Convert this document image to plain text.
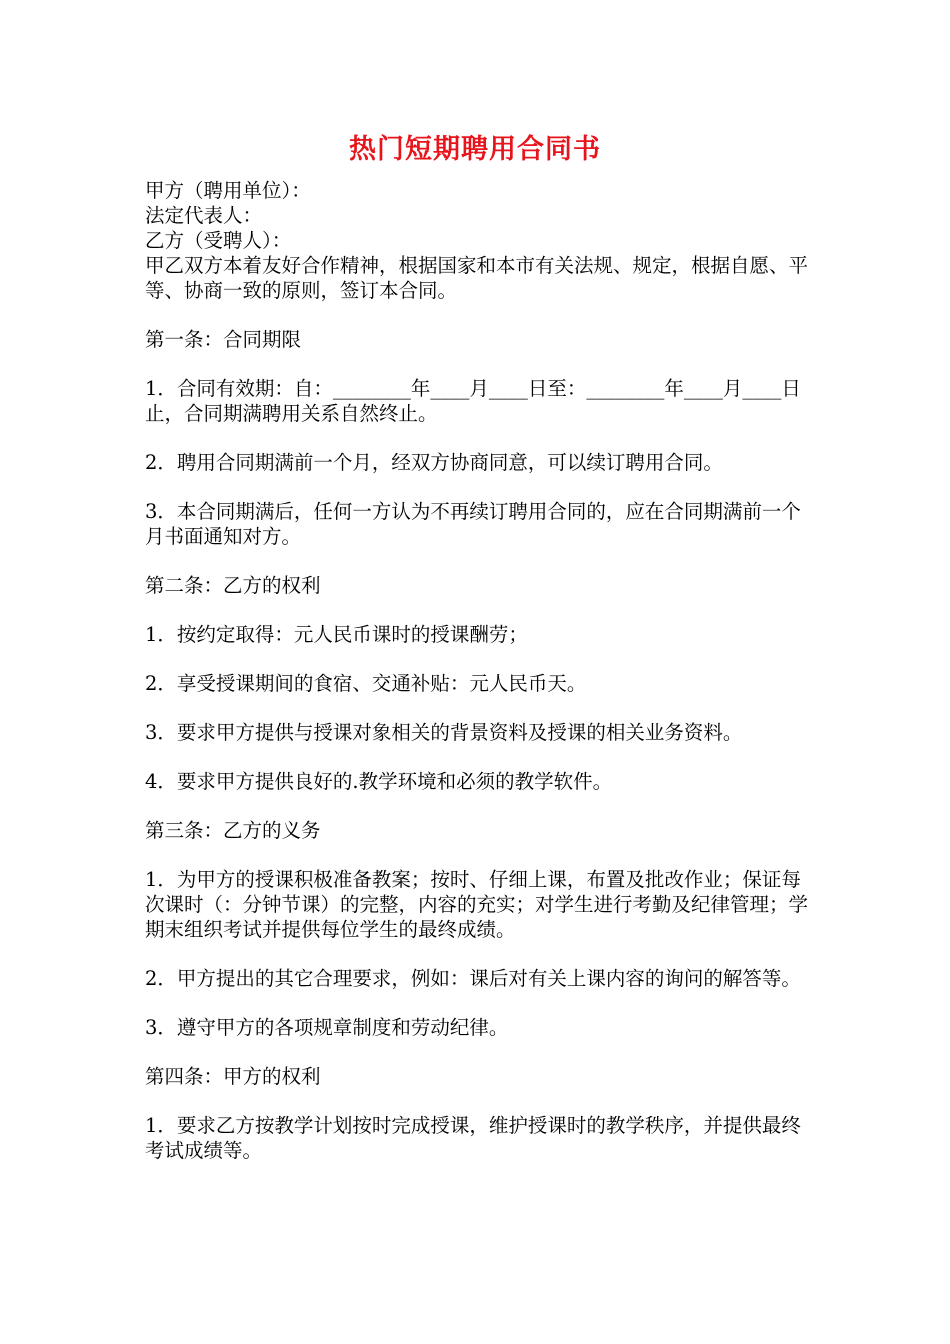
热门短期聘用合同书

甲方（聘用单位）：

法定代表人：

乙方（受聘人）：

甲乙双方本着友好合作精神，根据国家和本市有关法规、规定，根据自愿、平等、协商一致的原则，签订本合同。

第一条：合同期限

1．合同有效期：自：________年____月____日至：________年____月____日止，合同期满聘用关系自然终止。

2．聘用合同期满前一个月，经双方协商同意，可以续订聘用合同。

3．本合同期满后，任何一方认为不再续订聘用合同的，应在合同期满前一个月书面通知对方。

第二条：乙方的权利

1．按约定取得：元人民币课时的授课酬劳；

2．享受授课期间的食宿、交通补贴：元人民币天。

3．要求甲方提供与授课对象相关的背景资料及授课的相关业务资料。

4．要求甲方提供良好的.教学环境和必须的教学软件。

第三条：乙方的义务

1．为甲方的授课积极准备教案；按时、仔细上课，布置及批改作业；保证每次课时（：分钟节课）的完整，内容的充实；对学生进行考勤及纪律管理；学期末组织考试并提供每位学生的最终成绩。

2．甲方提出的其它合理要求，例如：课后对有关上课内容的询问的解答等。

3．遵守甲方的各项规章制度和劳动纪律。

第四条：甲方的权利

1．要求乙方按教学计划按时完成授课，维护授课时的教学秩序，并提供最终考试成绩等。
